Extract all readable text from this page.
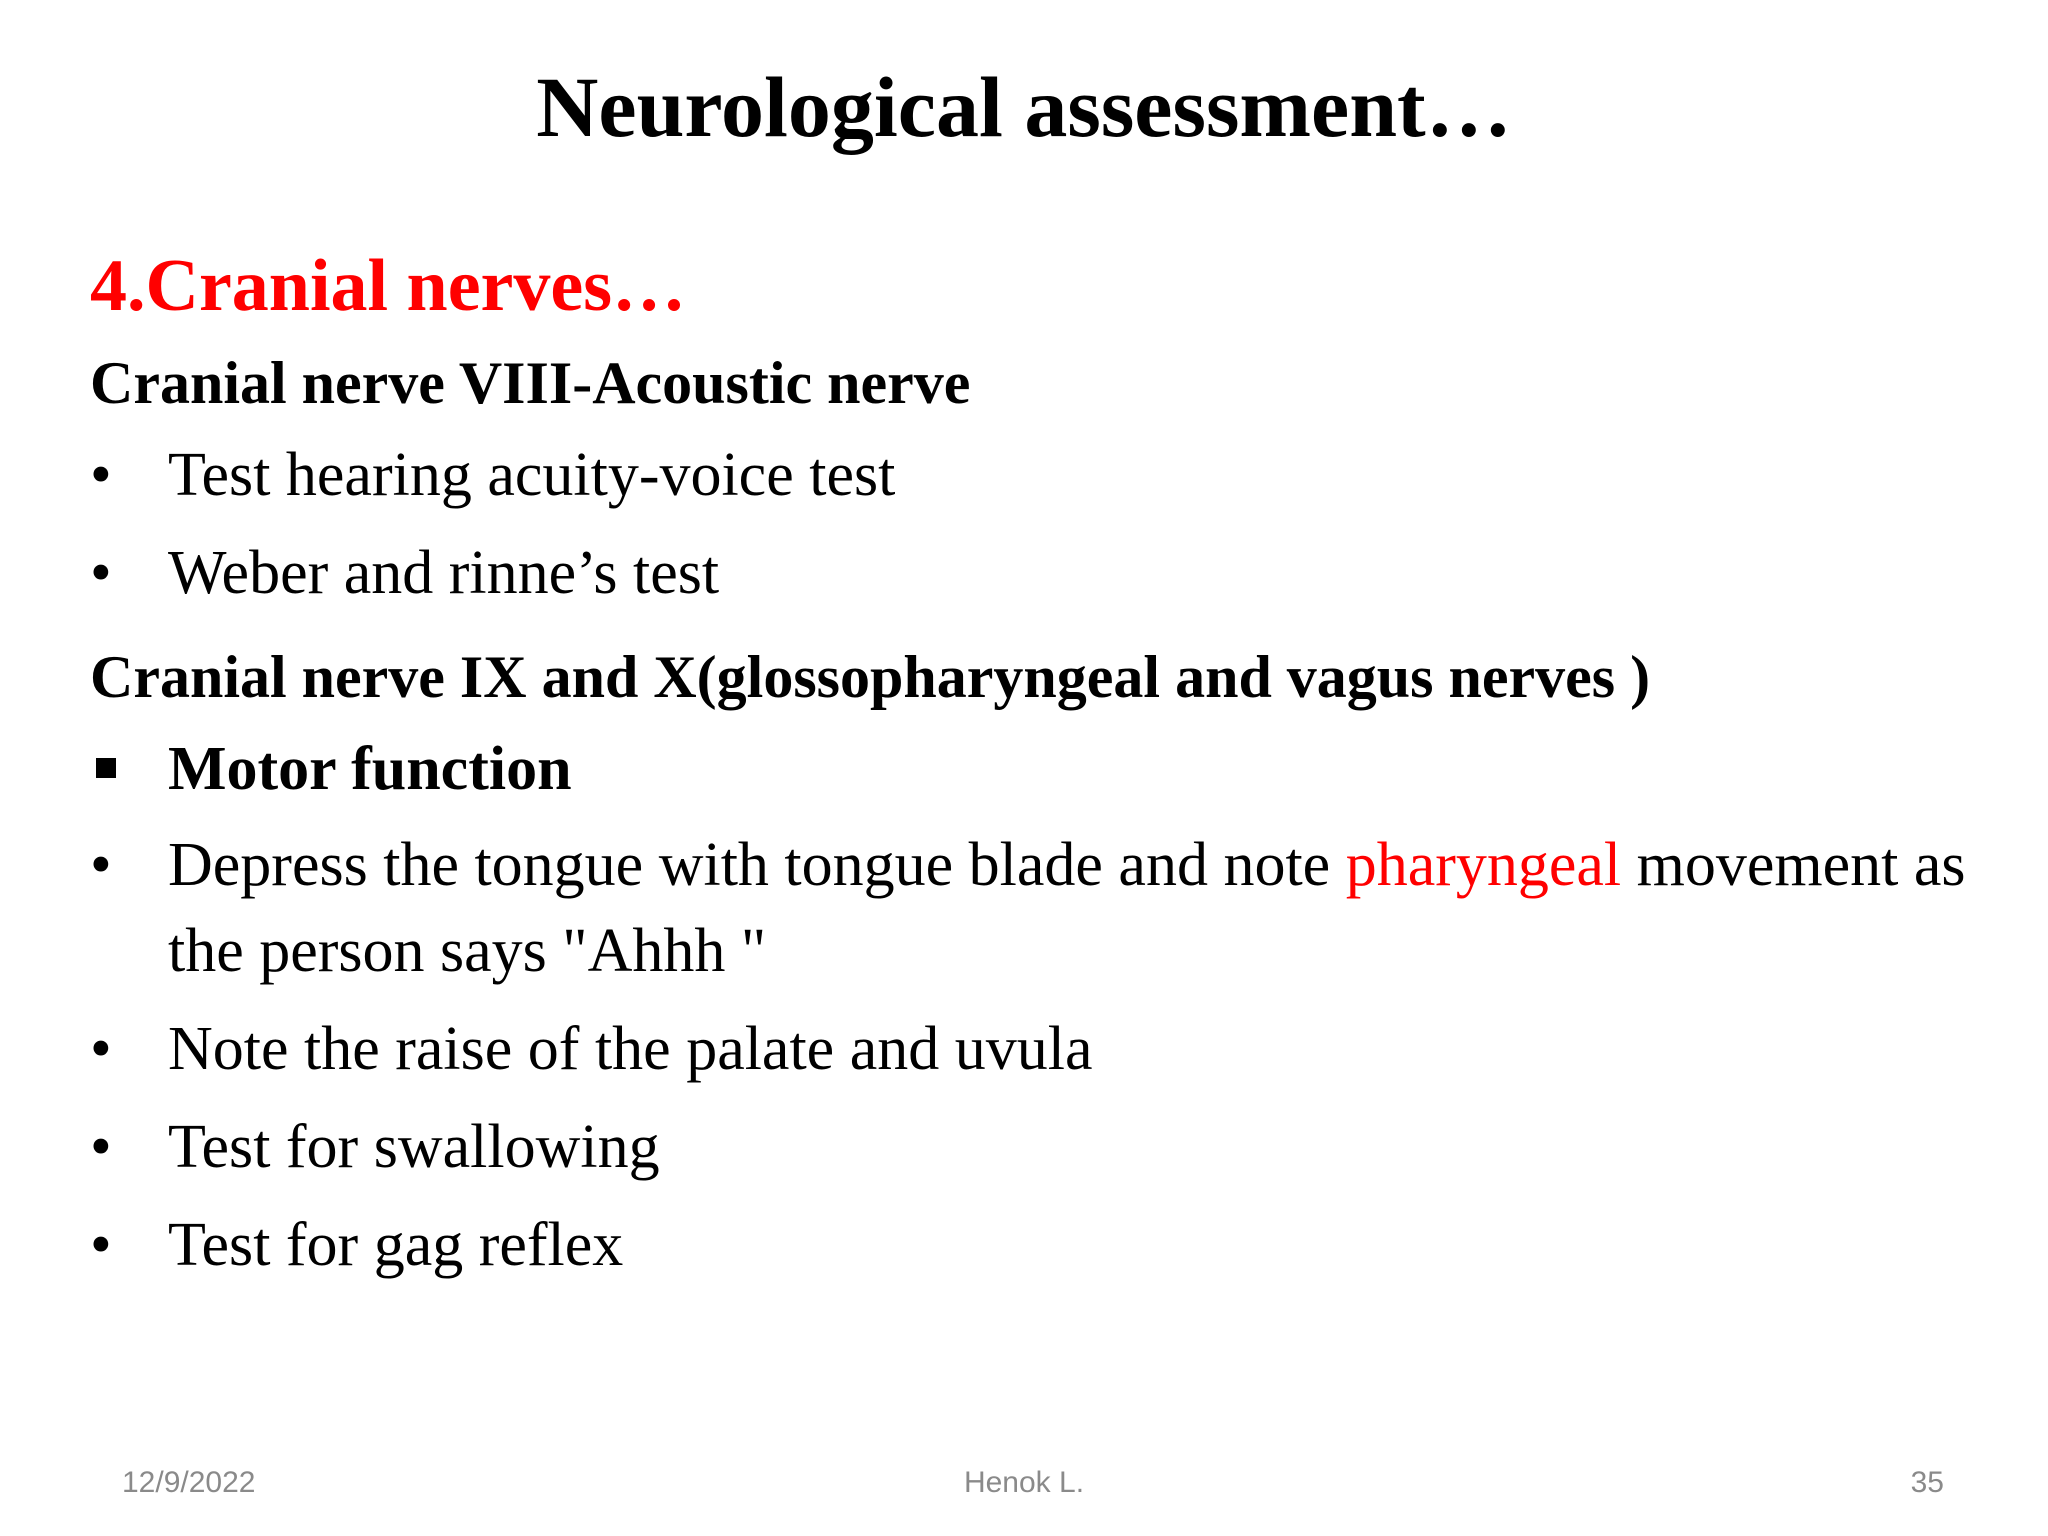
Neurological assessment…
4.Cranial nerves…
Cranial nerve VIII-Acoustic nerve
• Test hearing acuity-voice test
• Weber and rinne’s test
Cranial nerve IX and X(glossopharyngeal and vagus nerves )
Motor function
• Depress the tongue with tongue blade and note pharyngeal movement as the person says "Ahhh "
• Note the raise of the palate and uvula
• Test for swallowing
• Test for gag reflex
12/9/2022	Henok L.	35
